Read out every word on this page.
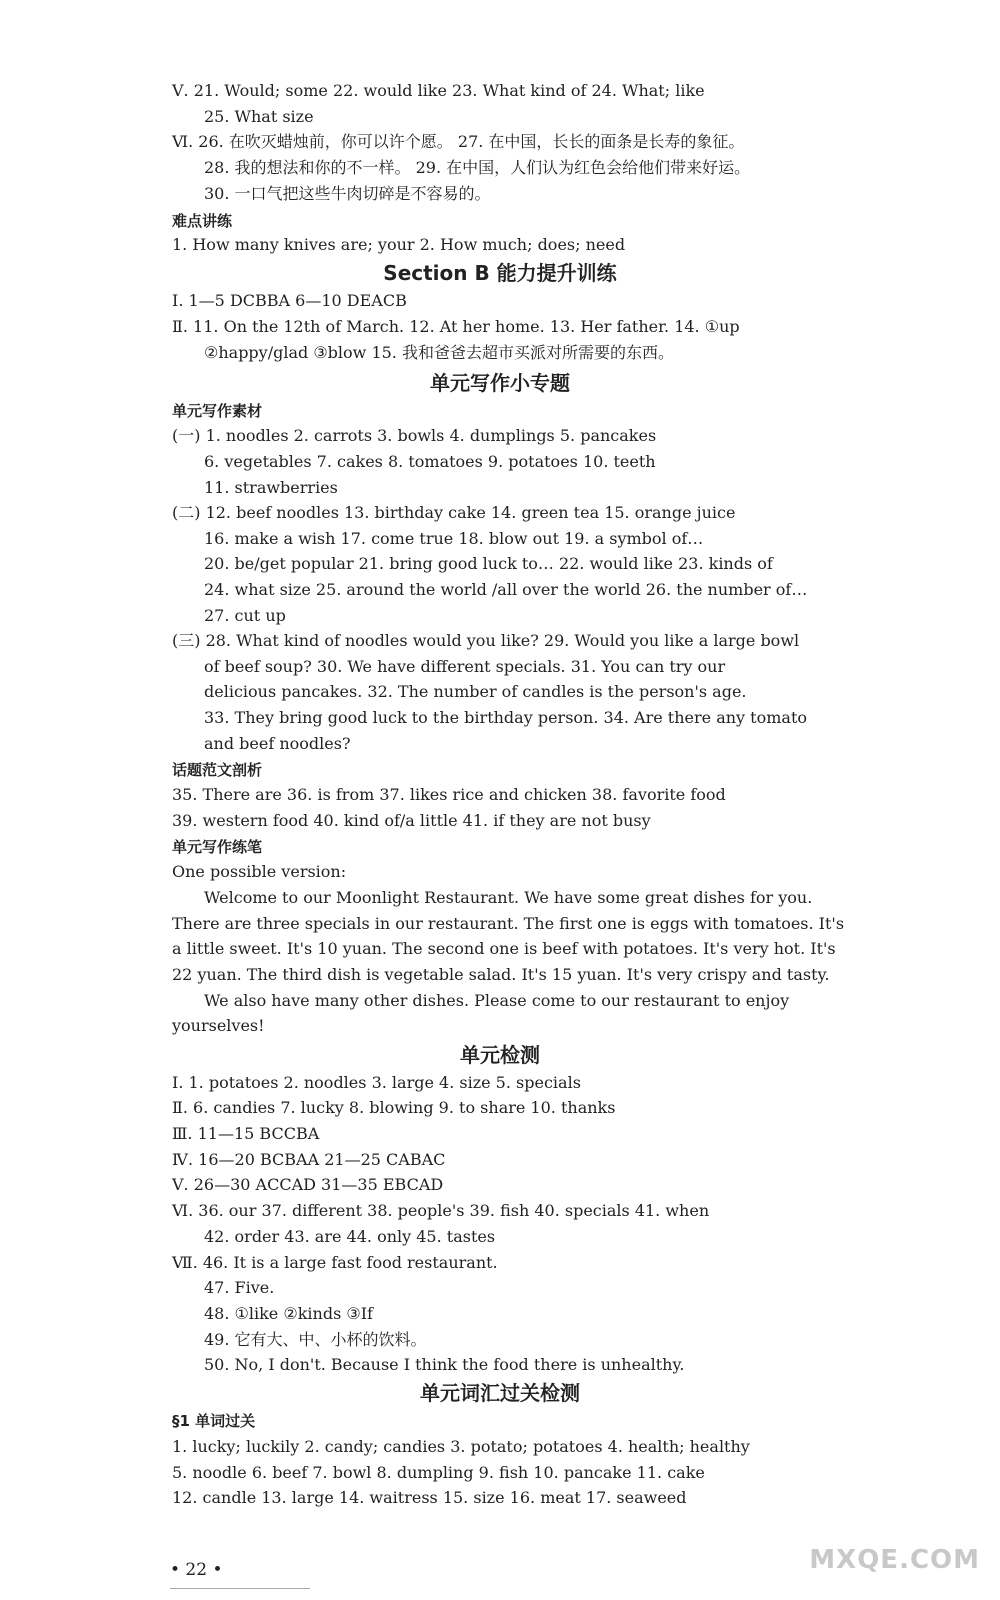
Ⅴ. 21. Would; some 22. would like 23. What kind of 24. What; like
25. What size
Ⅵ. 26. 在吹灭蜡烛前，你可以许个愿。 27. 在中国，长长的面条是长寿的象征。
28. 我的想法和你的不一样。 29. 在中国，人们认为红色会给他们带来好运。
30. 一口气把这些牛肉切碎是不容易的。
难点讲练
1. How many knives are; your 2. How much; does; need
Section B 能力提升训练
Ⅰ. 1—5 DCBBA 6—10 DEACB
Ⅱ. 11. On the 12th of March. 12. At her home. 13. Her father. 14. ①up
②happy/glad ③blow 15. 我和爸爸去超市买派对所需要的东西。
单元写作小专题
单元写作素材
(一) 1. noodles 2. carrots 3. bowls 4. dumplings 5. pancakes
6. vegetables 7. cakes 8. tomatoes 9. potatoes 10. teeth
11. strawberries
(二) 12. beef noodles 13. birthday cake 14. green tea 15. orange juice
16. make a wish 17. come true 18. blow out 19. a symbol of…
20. be/get popular 21. bring good luck to… 22. would like 23. kinds of
24. what size 25. around the world /all over the world 26. the number of…
27. cut up
(三) 28. What kind of noodles would you like? 29. Would you like a large bowl
of beef soup? 30. We have different specials. 31. You can try our
delicious pancakes. 32. The number of candles is the person's age.
33. They bring good luck to the birthday person. 34. Are there any tomato
and beef noodles?
话题范文剖析
35. There are 36. is from 37. likes rice and chicken 38. favorite food
39. western food 40. kind of/a little 41. if they are not busy
单元写作练笔
One possible version:
Welcome to our Moonlight Restaurant. We have some great dishes for you.
There are three specials in our restaurant. The first one is eggs with tomatoes. It's
a little sweet. It's 10 yuan. The second one is beef with potatoes. It's very hot. It's
22 yuan. The third dish is vegetable salad. It's 15 yuan. It's very crispy and tasty.
We also have many other dishes. Please come to our restaurant to enjoy
yourselves!
单元检测
Ⅰ. 1. potatoes 2. noodles 3. large 4. size 5. specials
Ⅱ. 6. candies 7. lucky 8. blowing 9. to share 10. thanks
Ⅲ. 11—15 BCCBA
Ⅳ. 16—20 BCBAA 21—25 CABAC
Ⅴ. 26—30 ACCAD 31—35 EBCAD
Ⅵ. 36. our 37. different 38. people's 39. fish 40. specials 41. when
42. order 43. are 44. only 45. tastes
Ⅶ. 46. It is a large fast food restaurant.
47. Five.
48. ①like ②kinds ③If
49. 它有大、中、小杯的饮料。
50. No, I don't. Because I think the food there is unhealthy.
单元词汇过关检测
§1 单词过关
1. lucky; luckily 2. candy; candies 3. potato; potatoes 4. health; healthy
5. noodle 6. beef 7. bowl 8. dumpling 9. fish 10. pancake 11. cake
12. candle 13. large 14. waitress 15. size 16. meat 17. seaweed
• 22 •	MXQE.COM
